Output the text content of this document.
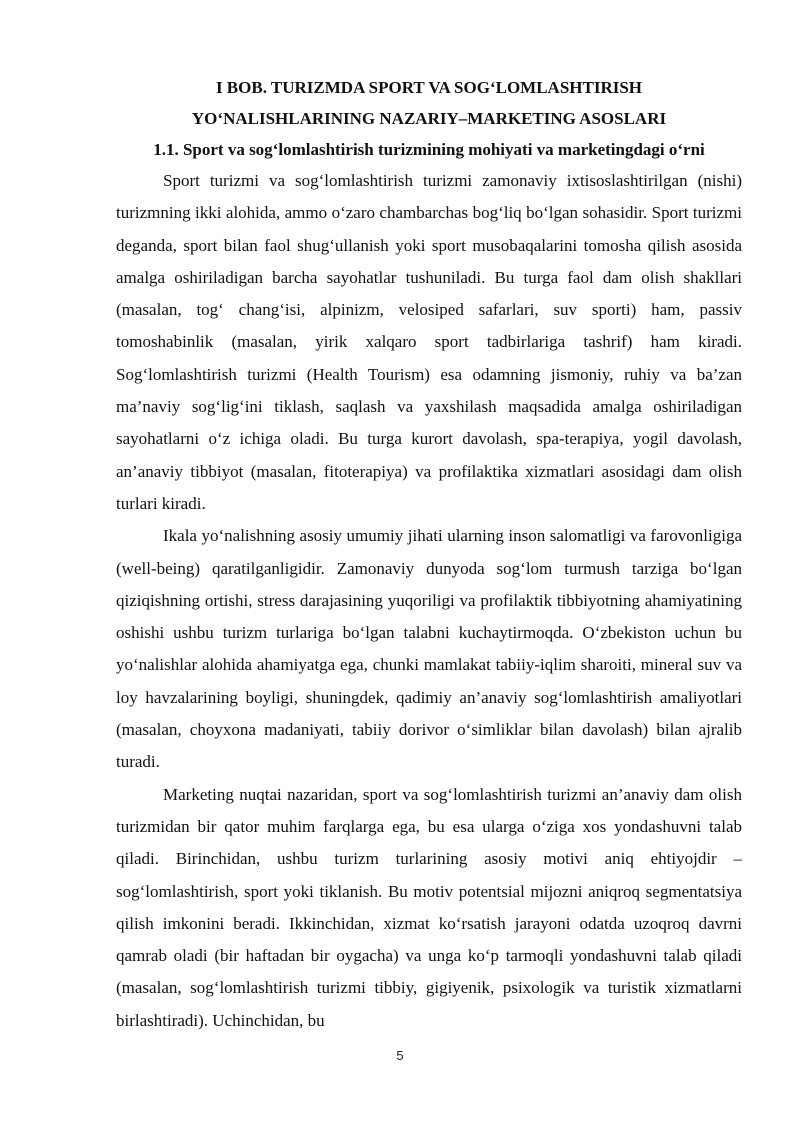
I BOB. TURIZMDA SPORT VA SOG‘LOMLASHTIRISH
YO‘NALISHLARINING NAZARIY–MARKETING ASOSLARI
1.1. Sport va sog‘lomlashtirish turizmining mohiyati va marketingdagi o‘rni

Sport turizmi va sog‘lomlashtirish turizmi zamonaviy ixtisoslashtirilgan (nishi) turizmning ikki alohida, ammo o‘zaro chambarchas bog‘liq bo‘lgan sohasidir. Sport turizmi deganda, sport bilan faol shug‘ullanish yoki sport musobaqalarini tomosha qilish asosida amalga oshiriladigan barcha sayohatlar tushuniladi. Bu turga faol dam olish shakllari (masalan, tog‘ chang‘isi, alpinizm, velosiped safarlari, suv sporti) ham, passiv tomoshabinlik (masalan, yirik xalqaro sport tadbirlariga tashrif) ham kiradi. Sog‘lomlashtirish turizmi (Health Tourism) esa odamning jismoniy, ruhiy va ba’zan ma’naviy sog‘lig‘ini tiklash, saqlash va yaxshilash maqsadida amalga oshiriladigan sayohatlarni o‘z ichiga oladi. Bu turga kurort davolash, spa-terapiya, yogil davolash, an’anaviy tibbiyot (masalan, fitoterapiya) va profilaktika xizmatlari asosidagi dam olish turlari kiradi.

Ikala yo‘nalishning asosiy umumiy jihati ularning inson salomatligi va farovonligiga (well-being) qaratilganligidir. Zamonaviy dunyoda sog‘lom turmush tarziga bo‘lgan qiziqishning ortishi, stress darajasining yuqoriligi va profilaktik tibbiyotning ahamiyatining oshishi ushbu turizm turlariga bo‘lgan talabni kuchaytirmoqda. O‘zbekiston uchun bu yo‘nalishlar alohida ahamiyatga ega, chunki mamlakat tabiiy-iqlim sharoiti, mineral suv va loy havzalarining boyligi, shuningdek, qadimiy an’anaviy sog‘lomlashtirish amaliyotlari (masalan, choyxona madaniyati, tabiiy dorivor o‘simliklar bilan davolash) bilan ajralib turadi.

Marketing nuqtai nazaridan, sport va sog‘lomlashtirish turizmi an’anaviy dam olish turizmidan bir qator muhim farqlarga ega, bu esa ularga o‘ziga xos yondashuvni talab qiladi. Birinchidan, ushbu turizm turlarining asosiy motivi aniq ehtiyojdir – sog‘lomlashtirish, sport yoki tiklanish. Bu motiv potentsial mijozni aniqroq segmentatsiya qilish imkonini beradi. Ikkinchidan, xizmat ko‘rsatish jarayoni odatda uzoqroq davrni qamrab oladi (bir haftadan bir oygacha) va unga ko‘p tarmoqli yondashuvni talab qiladi (masalan, sog‘lomlashtirish turizmi tibbiy, gigiyenik, psixologik va turistik xizmatlarni birlashtiradi). Uchinchidan, bu

5
